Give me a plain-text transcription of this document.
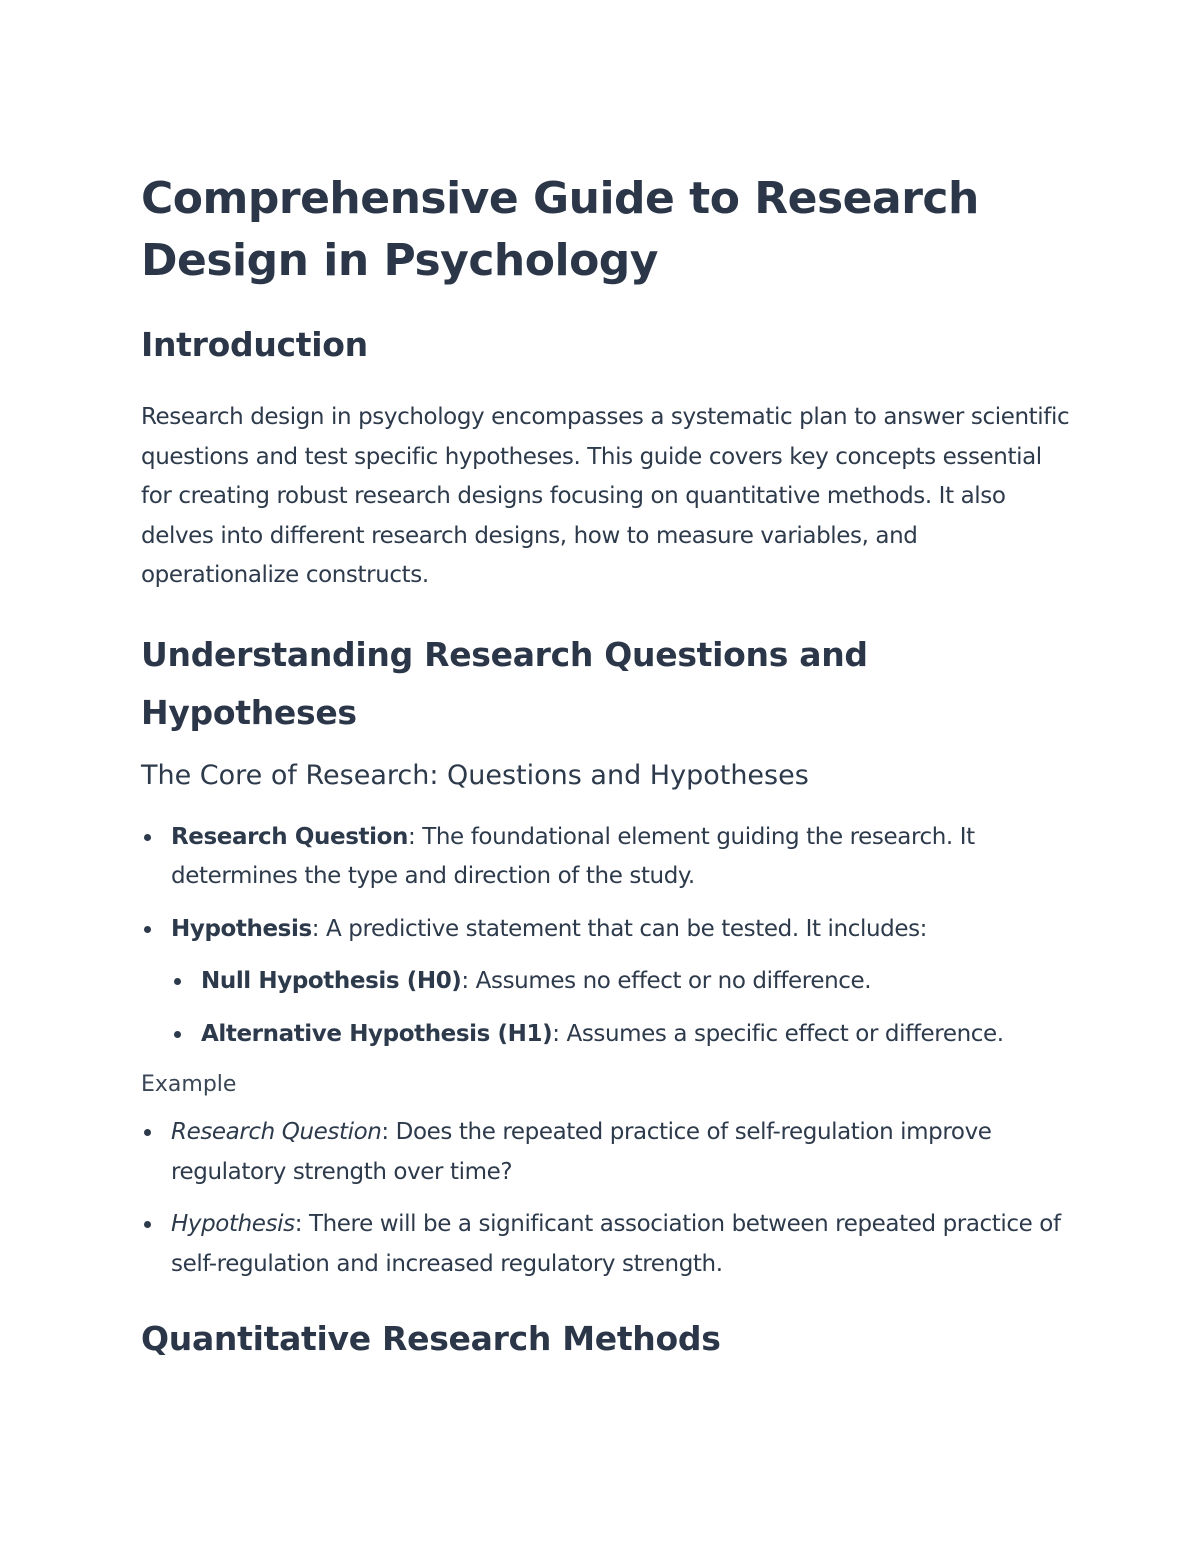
Comprehensive Guide to Research Design in Psychology
Introduction

Research design in psychology encompasses a systematic plan to answer scientific questions and test specific hypotheses. This guide covers key concepts essential for creating robust research designs focusing on quantitative methods. It also delves into different research designs, how to measure variables, and operationalize constructs.

Understanding Research Questions and Hypotheses
The Core of Research: Questions and Hypotheses
Research Question: The foundational element guiding the research. It determines the type and direction of the study.
Hypothesis: A predictive statement that can be tested. It includes:
Null Hypothesis (H0): Assumes no effect or no difference.
Alternative Hypothesis (H1): Assumes a specific effect or difference.
Example
Research Question: Does the repeated practice of self-regulation improve regulatory strength over time?
Hypothesis: There will be a significant association between repeated practice of self-regulation and increased regulatory strength.
Quantitative Research Methods
